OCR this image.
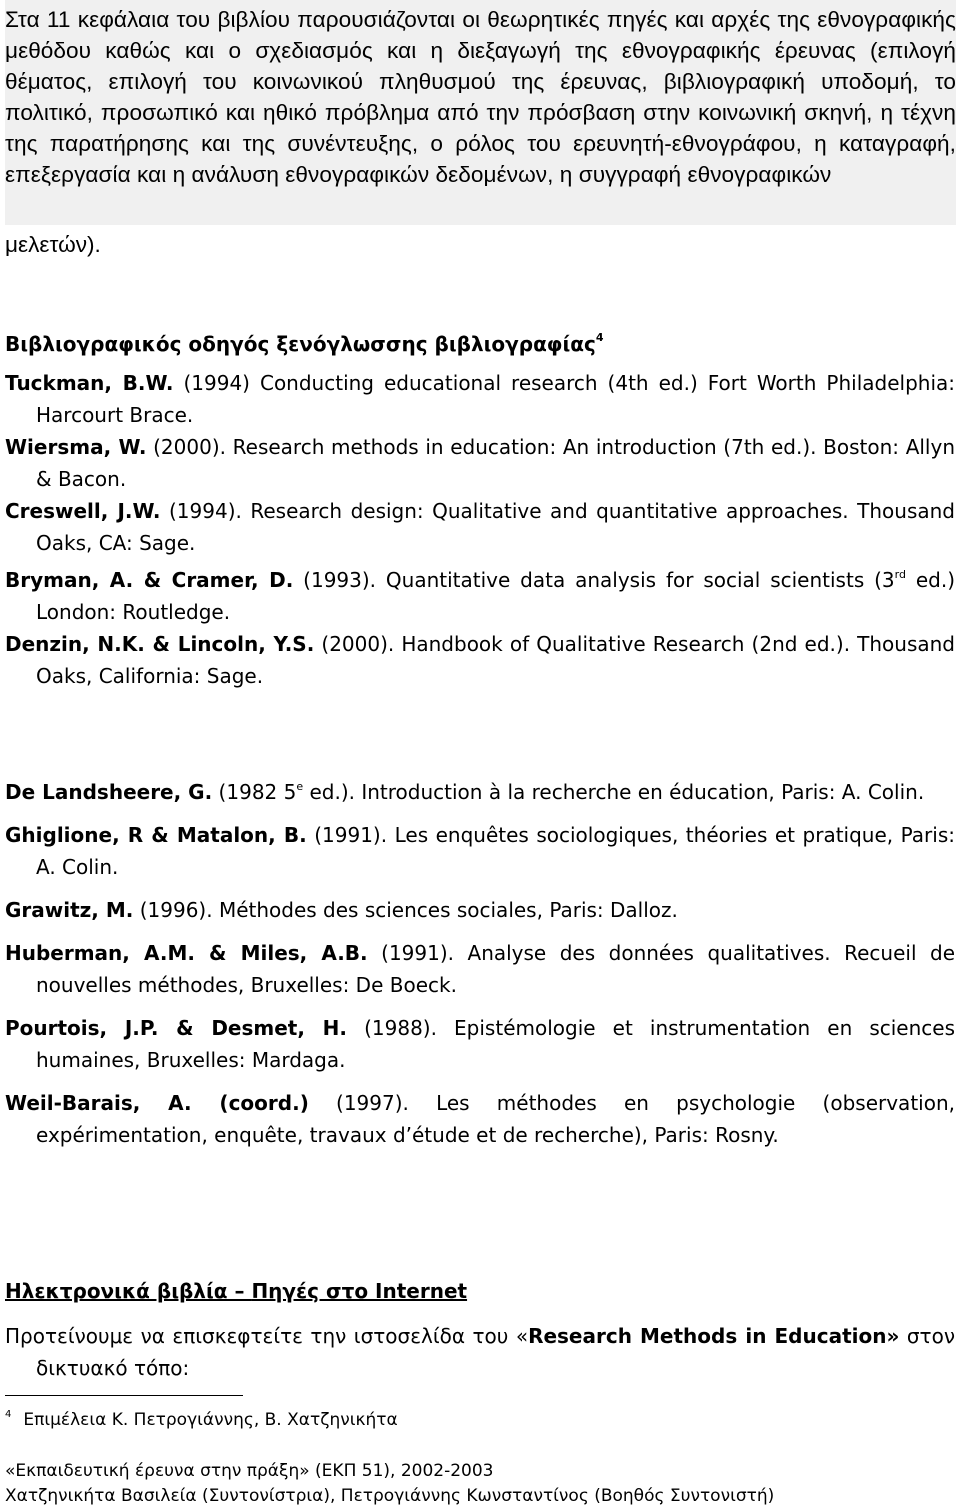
Στα 11 κεφάλαια του βιβλίου παρουσιάζονται οι θεωρητικές πηγές και αρχές της εθνογραφικής μεθόδου καθώς και ο σχεδιασμός και η διεξαγωγή της εθνογραφικής έρευνας (επιλογή θέματος, επιλογή του κοινωνικού πληθυσμού της έρευνας, βιβλιογραφική υποδομή, το πολιτικό, προσωπικό και ηθικό πρόβλημα από την πρόσβαση στην κοινωνική σκηνή, η τέχνη της παρατήρησης και της συνέντευξης, ο ρόλος του ερευνητή-εθνογράφου, η καταγραφή, επεξεργασία και η ανάλυση εθνογραφικών δεδομένων, η συγγραφή εθνογραφικών

μελετών).
Βιβλιογραφικός οδηγός ξενόγλωσσης βιβλιογραφίας$^4$
Tuckman, B.W. (1994) Conducting educational research (4th ed.) Fort Worth Philadelphia: Harcourt Brace.
Wiersma, W. (2000). Research methods in education: An introduction (7th ed.). Boston: Allyn & Bacon.
Creswell, J.W. (1994). Research design: Qualitative and quantitative approaches. Thousand Oaks, CA: Sage.
Bryman, A. & Cramer, D. (1993). Quantitative data analysis for social scientists (3rd ed.) London: Routledge.
Denzin, N.K. & Lincoln, Y.S. (2000). Handbook of Qualitative Research (2nd ed.). Thousand Oaks, California: Sage.
De Landsheere, G. (1982 5e ed.). Introduction à la recherche en éducation, Paris: A. Colin.
Ghiglione, R & Matalon, B. (1991). Les enquêtes sociologiques, théories et pratique, Paris: A. Colin.
Grawitz, M. (1996). Méthodes des sciences sociales, Paris: Dalloz.
Huberman, A.M. & Miles, A.B. (1991). Analyse des données qualitatives. Recueil de nouvelles méthodes, Bruxelles: De Boeck.
Pourtois, J.P. & Desmet, H. (1988). Epistémologie et instrumentation en sciences humaines, Bruxelles: Mardaga.
Weil-Barais, A. (coord.) (1997). Les méthodes en psychologie (observation, expérimentation, enquête, travaux d’étude et de recherche), Paris: Rosny.
Ηλεκτρονικά βιβλία – Πηγές στο Internet
Προτείνουμε να επισκεφτείτε την ιστοσελίδα του «Research Methods in Education» στον δικτυακό τόπο:
$^4$ Επιμέλεια Κ. Πετρογιάννης, Β. Χατζηνικήτα
«Εκπαιδευτική έρευνα στην πράξη» (ΕΚΠ 51), 2002-2003
Χατζηνικήτα Βασιλεία (Συντονίστρια), Πετρογιάννης Κωνσταντίνος (Βοηθός Συντονιστή)
